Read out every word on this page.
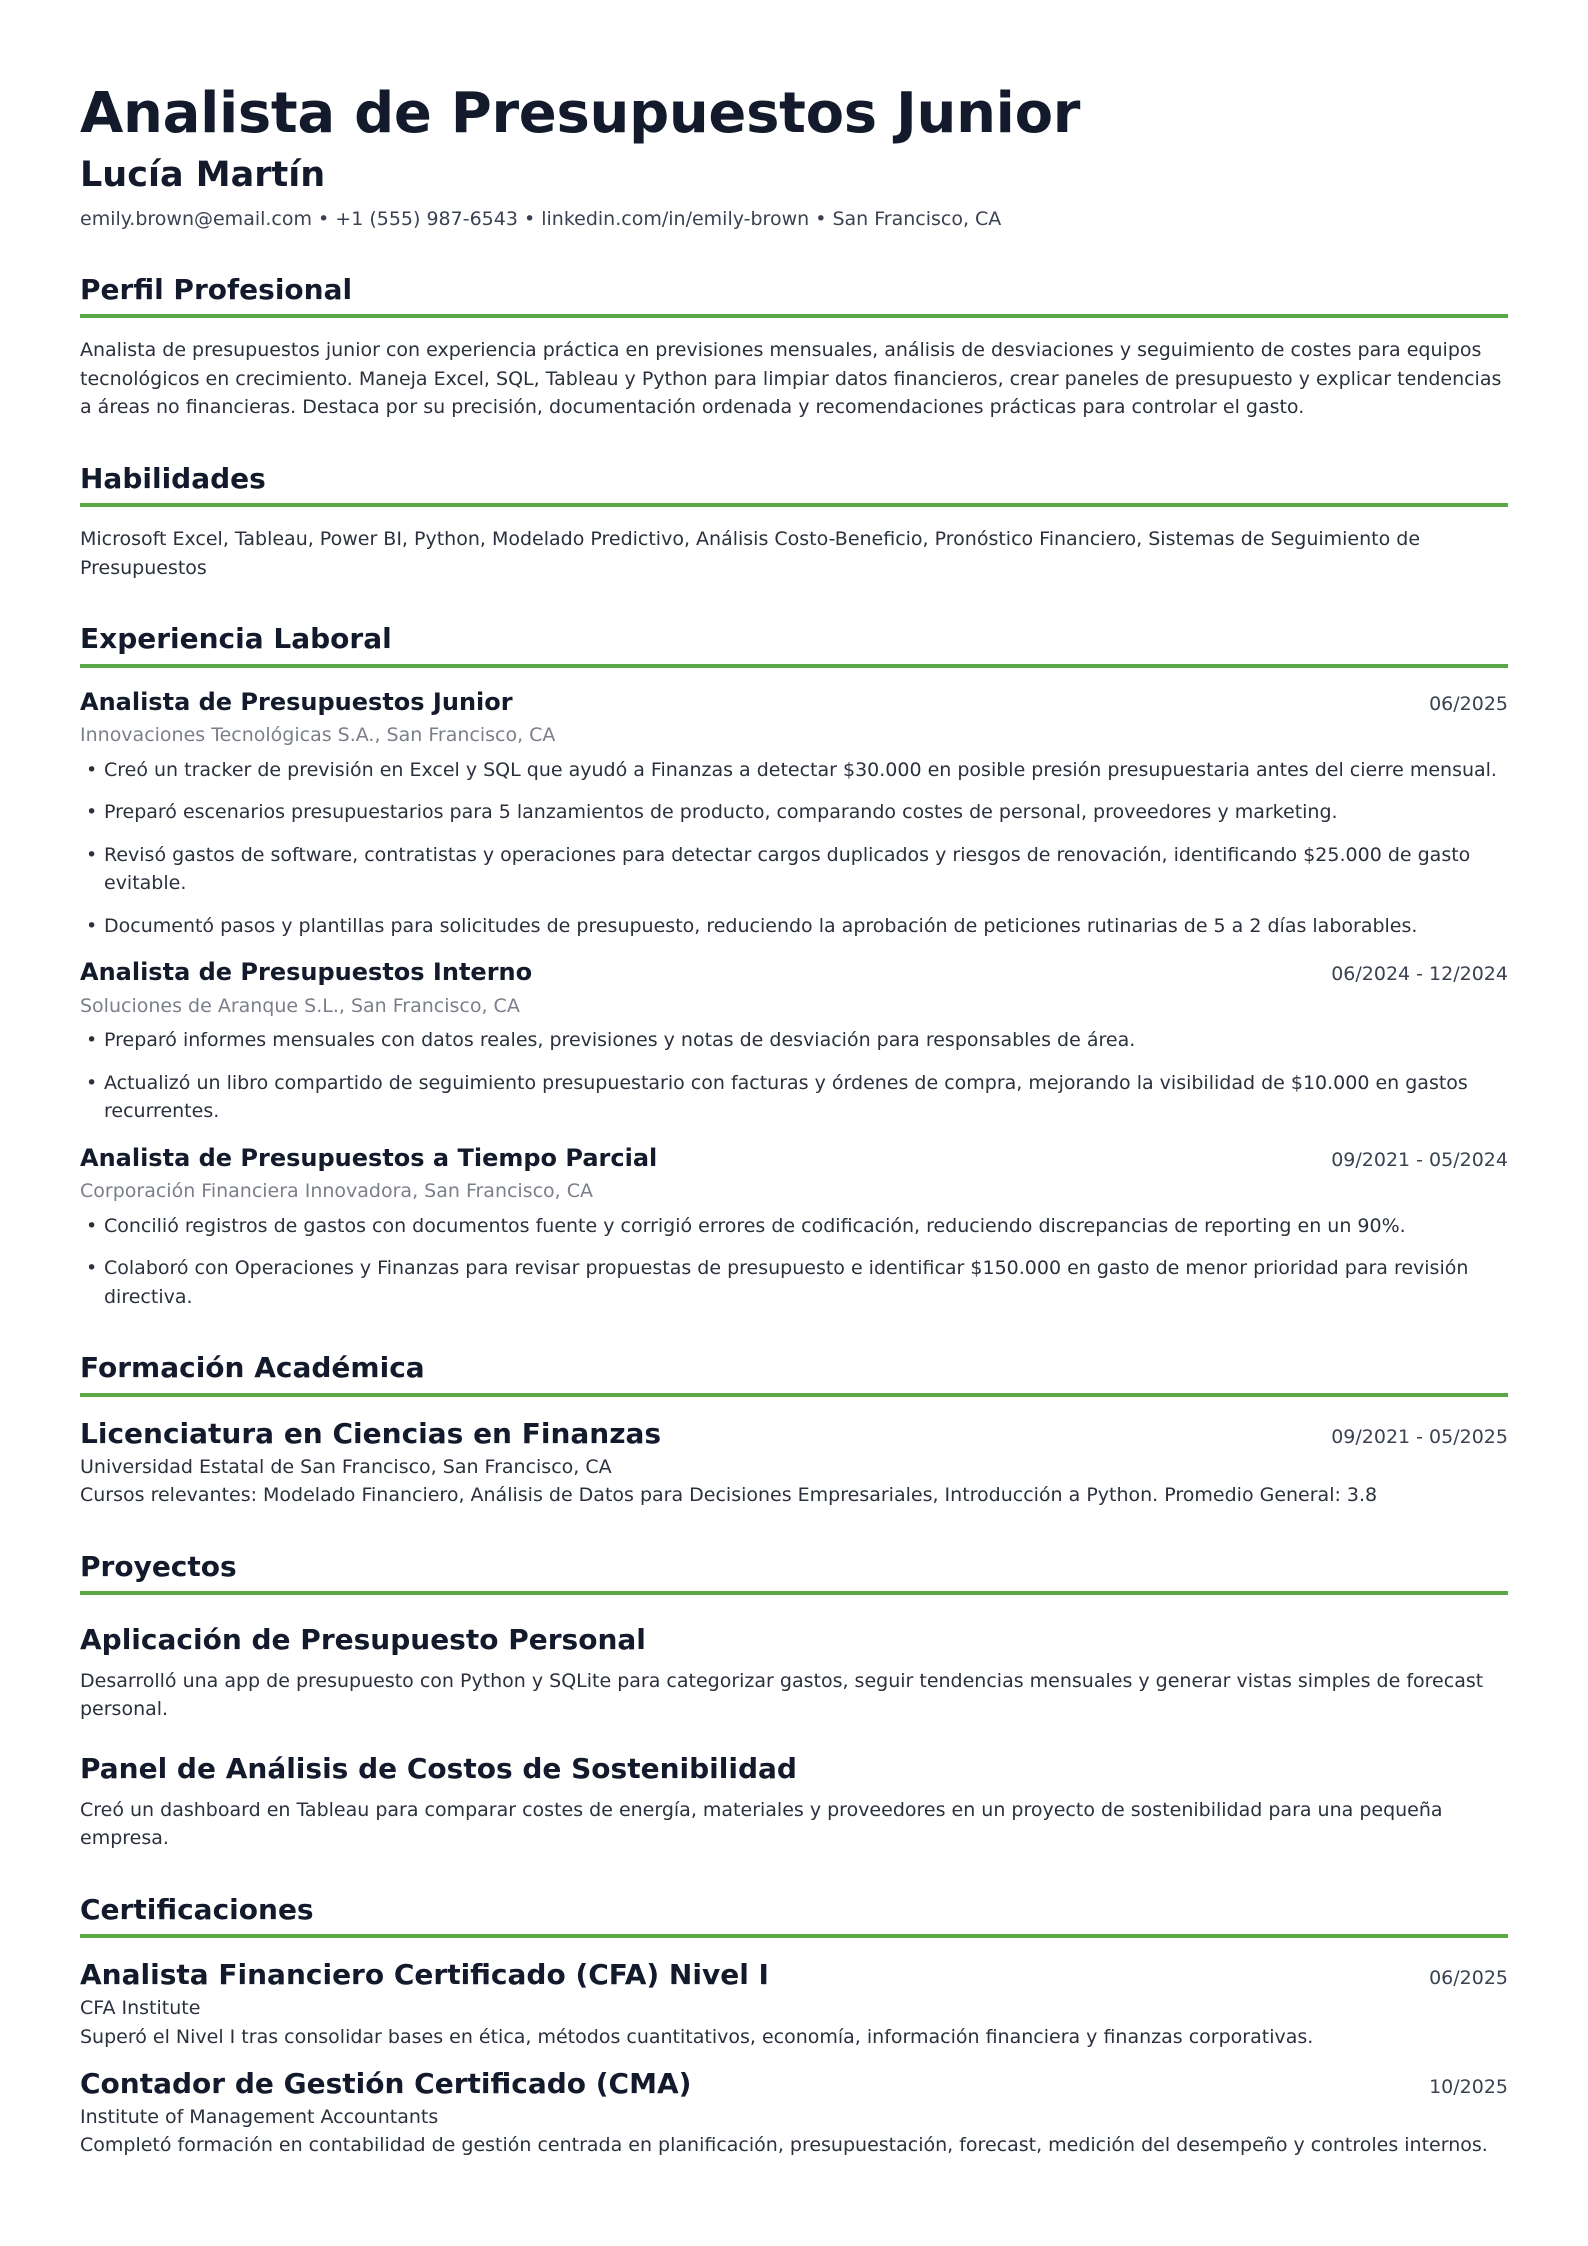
Analista de Presupuestos Junior
Lucía Martín
emily.brown@email.com • +1 (555) 987-6543 • linkedin.com/in/emily-brown • San Francisco, CA
Perfil Profesional

Analista de presupuestos junior con experiencia práctica en previsiones mensuales, análisis de desviaciones y seguimiento de costes para equipos tecnológicos en crecimiento. Maneja Excel, SQL, Tableau y Python para limpiar datos financieros, crear paneles de presupuesto y explicar tendencias a áreas no financieras. Destaca por su precisión, documentación ordenada y recomendaciones prácticas para controlar el gasto.

Habilidades

Microsoft Excel, Tableau, Power BI, Python, Modelado Predictivo, Análisis Costo-Beneficio, Pronóstico Financiero, Sistemas de Seguimiento de Presupuestos

Experiencia Laboral
Analista de Presupuestos Junior	06/2025
Innovaciones Tecnológicas S.A., San Francisco, CA
• Creó un tracker de previsión en Excel y SQL que ayudó a Finanzas a detectar $30.000 en posible presión presupuestaria antes del cierre mensual.
• Preparó escenarios presupuestarios para 5 lanzamientos de producto, comparando costes de personal, proveedores y marketing.
• Revisó gastos de software, contratistas y operaciones para detectar cargos duplicados y riesgos de renovación, identificando $25.000 de gasto evitable.
• Documentó pasos y plantillas para solicitudes de presupuesto, reduciendo la aprobación de peticiones rutinarias de 5 a 2 días laborables.
Analista de Presupuestos Interno	06/2024 - 12/2024
Soluciones de Aranque S.L., San Francisco, CA
• Preparó informes mensuales con datos reales, previsiones y notas de desviación para responsables de área.
• Actualizó un libro compartido de seguimiento presupuestario con facturas y órdenes de compra, mejorando la visibilidad de $10.000 en gastos recurrentes.
Analista de Presupuestos a Tiempo Parcial	09/2021 - 05/2024
Corporación Financiera Innovadora, San Francisco, CA
• Concilió registros de gastos con documentos fuente y corrigió errores de codificación, reduciendo discrepancias de reporting en un 90%.
• Colaboró con Operaciones y Finanzas para revisar propuestas de presupuesto e identificar $150.000 en gasto de menor prioridad para revisión directiva.
Formación Académica
Licenciatura en Ciencias en Finanzas	09/2021 - 05/2025
Universidad Estatal de San Francisco, San Francisco, CA
Cursos relevantes: Modelado Financiero, Análisis de Datos para Decisiones Empresariales, Introducción a Python. Promedio General: 3.8
Proyectos
Aplicación de Presupuesto Personal

Desarrolló una app de presupuesto con Python y SQLite para categorizar gastos, seguir tendencias mensuales y generar vistas simples de forecast personal.

Panel de Análisis de Costos de Sostenibilidad

Creó un dashboard en Tableau para comparar costes de energía, materiales y proveedores en un proyecto de sostenibilidad para una pequeña empresa.

Certificaciones
Analista Financiero Certificado (CFA) Nivel I	06/2025
CFA Institute
Superó el Nivel I tras consolidar bases en ética, métodos cuantitativos, economía, información financiera y finanzas corporativas.
Contador de Gestión Certificado (CMA)	10/2025
Institute of Management Accountants
Completó formación en contabilidad de gestión centrada en planificación, presupuestación, forecast, medición del desempeño y controles internos.
